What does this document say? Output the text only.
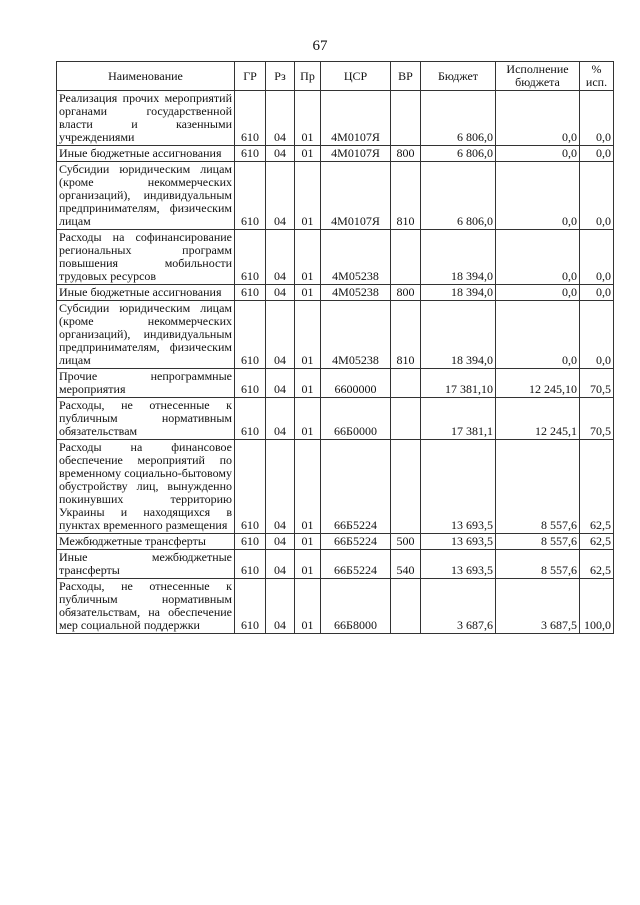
67
Наименование	ГР	Рз	Пр	ЦСР	ВР	Бюджет	Исполнение бюджета	% исп.
Реализация прочих мероприятий органами государственной власти и казенными учреждениями	610	04	01	4М0107Я		6 806,0	0,0	0,0
Иные бюджетные ассигнования	610	04	01	4М0107Я	800	6 806,0	0,0	0,0
Субсидии юридическим лицам (кроме некоммерческих организаций), индивидуальным предпринимателям, физическим лицам	610	04	01	4М0107Я	810	6 806,0	0,0	0,0
Расходы на софинансирование региональных программ повышения мобильности трудовых ресурсов	610	04	01	4М05238		18 394,0	0,0	0,0
Иные бюджетные ассигнования	610	04	01	4М05238	800	18 394,0	0,0	0,0
Субсидии юридическим лицам (кроме некоммерческих организаций), индивидуальным предпринимателям, физическим лицам	610	04	01	4М05238	810	18 394,0	0,0	0,0
Прочие непрограммные мероприятия	610	04	01	6600000		17 381,10	12 245,10	70,5
Расходы, не отнесенные к публичным нормативным обязательствам	610	04	01	66Б0000		17 381,1	12 245,1	70,5
Расходы на финансовое обеспечение мероприятий по временному социально-бытовому обустройству лиц, вынужденно покинувших территорию Украины и находящихся в пунктах временного размещения	610	04	01	66Б5224		13 693,5	8 557,6	62,5
Межбюджетные трансферты	610	04	01	66Б5224	500	13 693,5	8 557,6	62,5
Иные межбюджетные трансферты	610	04	01	66Б5224	540	13 693,5	8 557,6	62,5
Расходы, не отнесенные к публичным нормативным обязательствам, на обеспечение мер социальной поддержки	610	04	01	66Б8000		3 687,6	3 687,5	100,0
